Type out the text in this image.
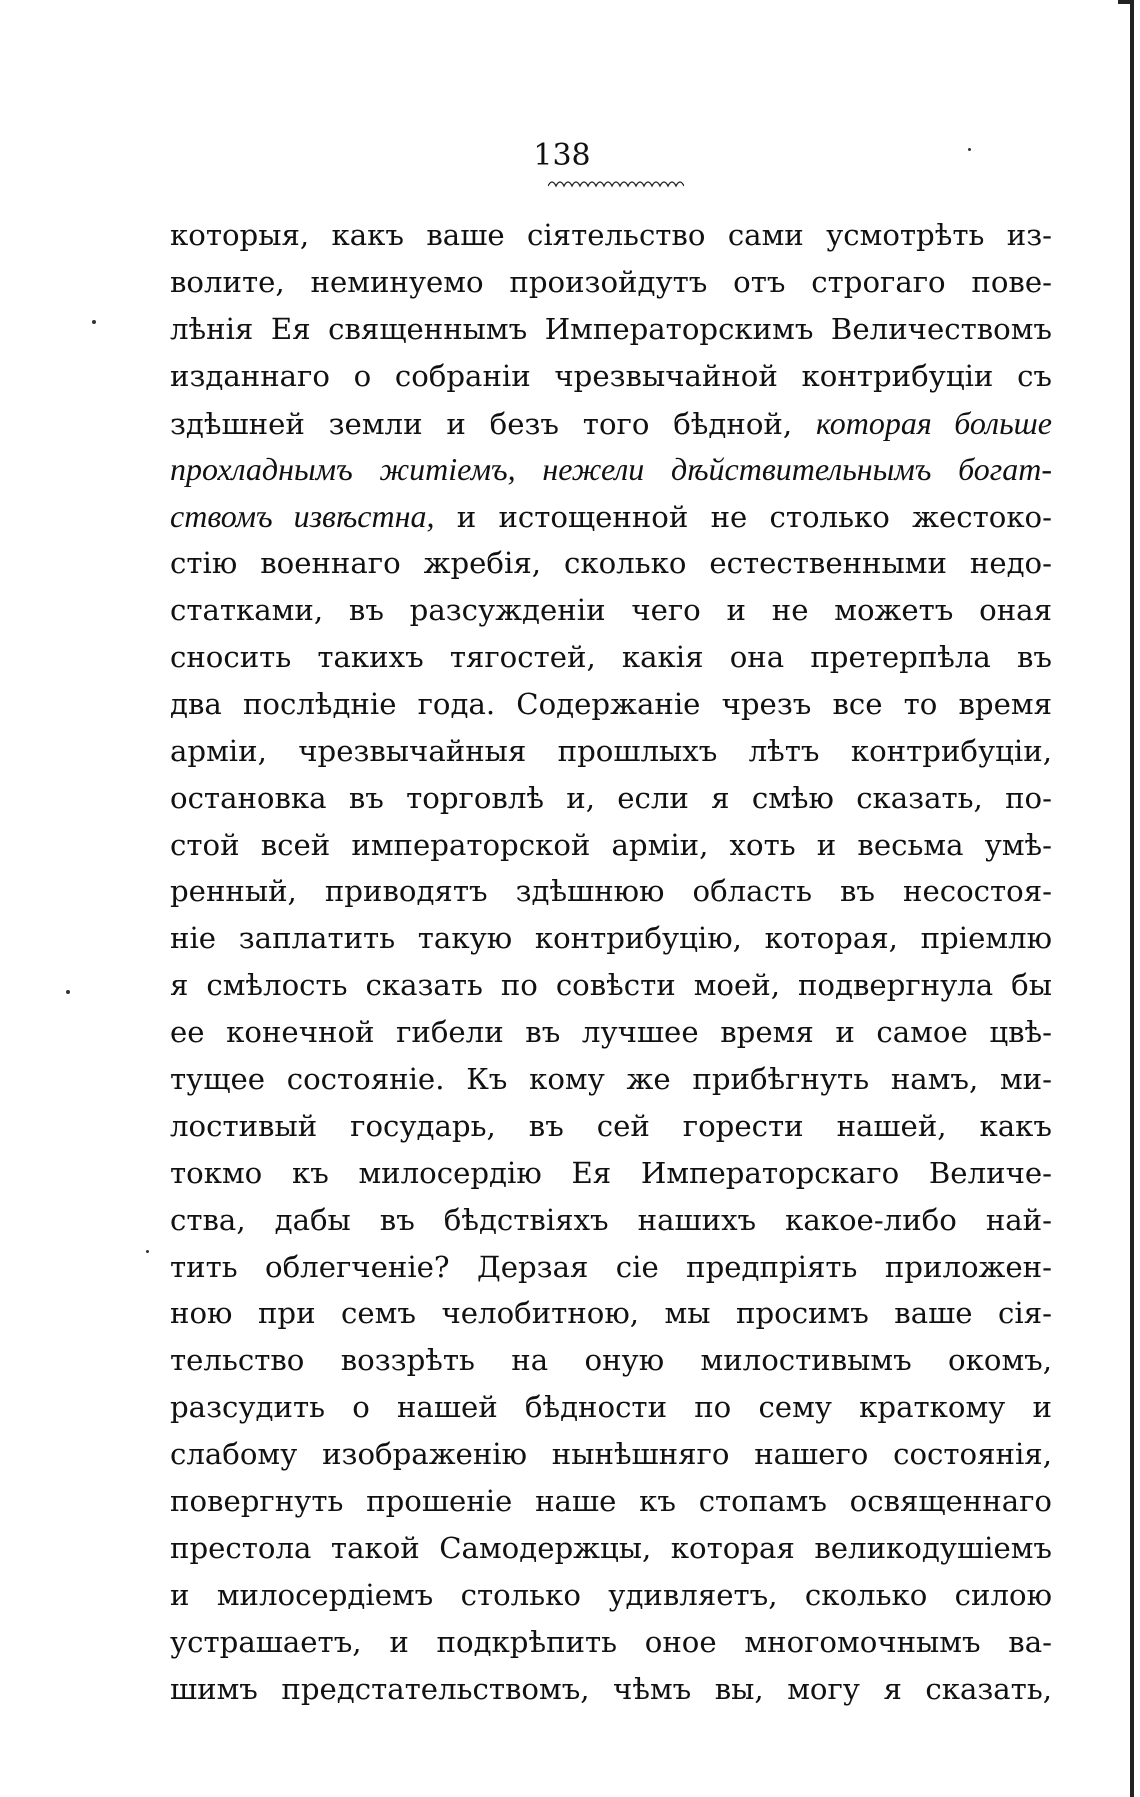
138
которыя, какъ ваше сіятельство сами усмотрѣть из-
волите, неминуемо произойдутъ отъ строгаго пове-
лѣнія Ея священнымъ Императорскимъ Величествомъ
изданнаго о собраніи чрезвычайной контрибуціи съ
здѣшней земли и безъ того бѣдной, которая больше
прохладнымъ житіемъ, нежели дѣйствительнымъ богат-
ствомъ извѣстна, и истощенной не столько жестоко-
стію военнаго жребія, сколько естественными недо-
статками, въ разсужденіи чего и не можетъ оная
сносить такихъ тягостей, какія она претерпѣла въ
два послѣдніе года. Содержаніе чрезъ все то время
арміи, чрезвычайныя прошлыхъ лѣтъ контрибуціи,
остановка въ торговлѣ и, если я смѣю сказать, по-
стой всей императорской арміи, хоть и весьма умѣ-
ренный, приводятъ здѣшнюю область въ несостоя-
ніе заплатить такую контрибуцію, которая, пріемлю
я смѣлость сказать по совѣсти моей, подвергнула бы
ее конечной гибели въ лучшее время и самое цвѣ-
тущее состояніе. Къ кому же прибѣгнуть намъ, ми-
лостивый государь, въ сей горести нашей, какъ
токмо къ милосердію Ея Императорскаго Величе-
ства, дабы въ бѣдствіяхъ нашихъ какое-либо най-
тить облегченіе? Дерзая сіе предпріять приложен-
ною при семъ челобитною, мы просимъ ваше сія-
тельство воззрѣть на оную милостивымъ окомъ,
разсудить о нашей бѣдности по сему краткому и
слабому изображенію нынѣшняго нашего состоянія,
повергнуть прошеніе наше къ стопамъ освященнаго
престола такой Самодержцы, которая великодушіемъ
и милосердіемъ столько удивляетъ, сколько силою
устрашаетъ, и подкрѣпить оное многомочнымъ ва-
шимъ предстательствомъ, чѣмъ вы, могу я сказать,
